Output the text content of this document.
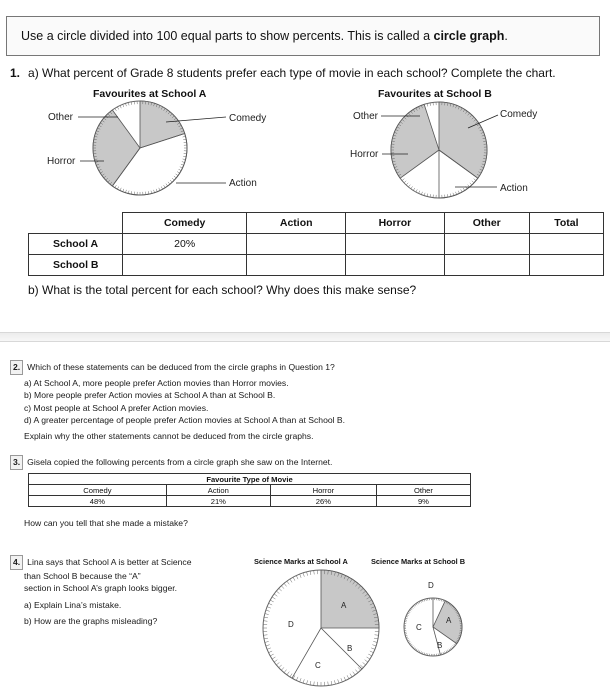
Use a circle divided into 100 equal parts to show percents. This is called a circle graph.
1. a) What percent of Grade 8 students prefer each type of movie in each school? Complete the chart.
Favourites at School A	Favourites at School B
Other	Comedy
Horror
Action
Other	Comedy
Horror
Action
	Comedy	Action	Horror	Other	Total
School A	20%				
School B					
b) What is the total percent for each school? Why does this make sense?
2. Which of these statements can be deduced from the circle graphs in Question 1?
a) At School A, more people prefer Action movies than Horror movies.
b) More people prefer Action movies at School A than at School B.
c) Most people at School A prefer Action movies.
d) A greater percentage of people prefer Action movies at School A than at School B.
Explain why the other statements cannot be deduced from the circle graphs.
3. Gisela copied the following percents from a circle graph she saw on the Internet.
Favourite Type of Movie			
Comedy	Action	Horror	Other
48%	21%	26%	9%
How can you tell that she made a mistake?
4. Lina says that School A is better at Science
than School B because the “A”
section in School A’s graph looks bigger.
a) Explain Lina’s mistake.
b) How are the graphs misleading?
Science Marks at School A	Science Marks at School B
A
B
C
D
D
A
B
C
